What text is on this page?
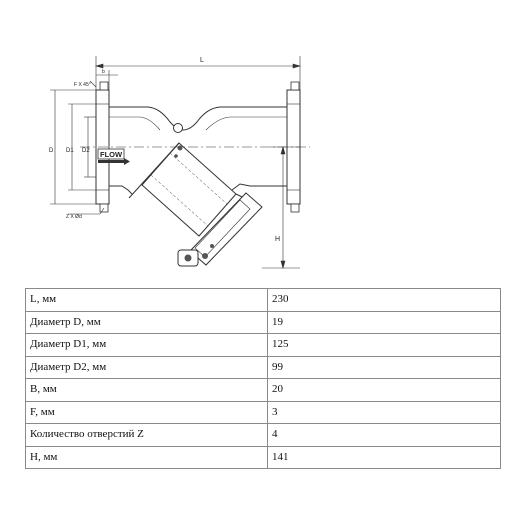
FLOW
L
b
F X 45°
D D1 D2
Z X Ød
H
L, мм	230
Диаметр D, мм	19
Диаметр D1, мм	125
Диаметр D2, мм	99
B, мм	20
F, мм	3
Количество отверстий Z	4
H, мм	141
